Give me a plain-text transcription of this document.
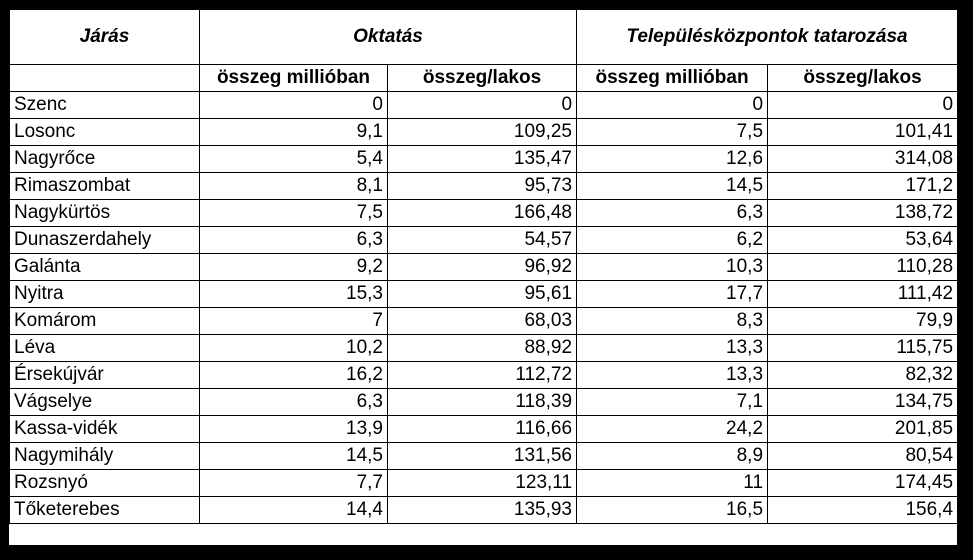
Járás	Oktatás		Településközpontok tatarozása	
	összeg millióban	összeg/lakos	összeg millióban	összeg/lakos
Szenc	0	0	0	0
Losonc	9,1	109,25	7,5	101,41
Nagyrőce	5,4	135,47	12,6	314,08
Rimaszombat	8,1	95,73	14,5	171,2
Nagykürtös	7,5	166,48	6,3	138,72
Dunaszerdahely	6,3	54,57	6,2	53,64
Galánta	9,2	96,92	10,3	110,28
Nyitra	15,3	95,61	17,7	111,42
Komárom	7	68,03	8,3	79,9
Léva	10,2	88,92	13,3	115,75
Érsekújvár	16,2	112,72	13,3	82,32
Vágselye	6,3	118,39	7,1	134,75
Kassa-vidék	13,9	116,66	24,2	201,85
Nagymihály	14,5	131,56	8,9	80,54
Rozsnyó	7,7	123,11	11	174,45
Tőketerebes	14,4	135,93	16,5	156,4
